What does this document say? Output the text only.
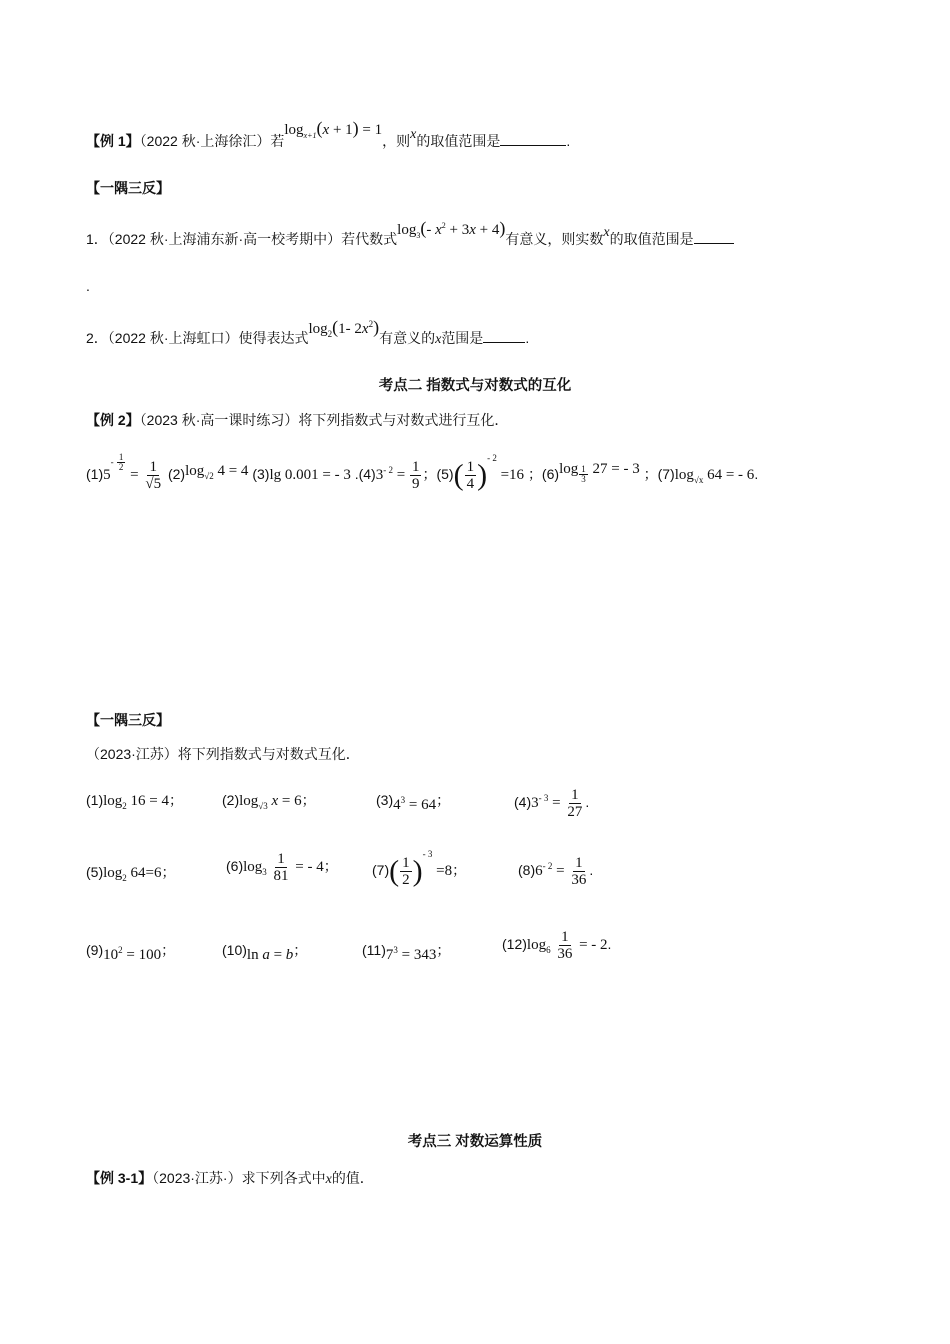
【例 1】（2022 秋·上海徐汇）若$\log_{x+1}(x + 1) = 1$，则x的取值范围是	.
【一隅三反】
1．（2022 秋·上海浦东新·高一校考期中）若代数式$\log_3(-$ $x^2 + 3x + 4$)有意义，则实数x的取值范围是
.
2．（2022 秋·上海虹口）使得表达式$\log_2(1-$ $2x^2$)有意义的x范围是	.
考点二 指数式与对数式的互化
【例 2】（2023 秋·高一课时练习）将下列指数式与对数式进行互化．
$(1)5^{- \frac{1}{2}}$
= $\frac{1}{√5} (2)\log_{√2}$ 4 = 4 (3)lg 0.001 = - 3 $.(4)3^{- 2} = \frac{1}{9}$ ；$(5)( \frac{1}{4} )^{- 2} =16$ ；(6)log $_{\frac{1}{3}}$ 27 = - 3 ；$(7)\log_{√x}$ 64 = - 6.
【一隅三反】
（2023·江苏）将下列指数式与对数式互化．
$(1)\log_2$ 16 = 4；	$(2)\log_{√3}$ x = 6；	$(3)4^3 = 64$；	$(4)3^{- 3} = \frac{1}{27}$ .
$(5)\log_2$ 64=6；	$(6)\log_3 \frac{1}{81}$ = - 4； $(7)( \frac{1}{2} )^{- 3} =8$；	$(8)6^{- 2} = \frac{1}{36}$ .
$(9)10^2 = 100$；	(10)ln a = b；	$(11)7^3 = 343$；	$(12)\log_6 \frac{1}{36}$ = - 2.
考点三 对数运算性质
【例 3-1】（2023·江苏·）求下列各式中x的值．
